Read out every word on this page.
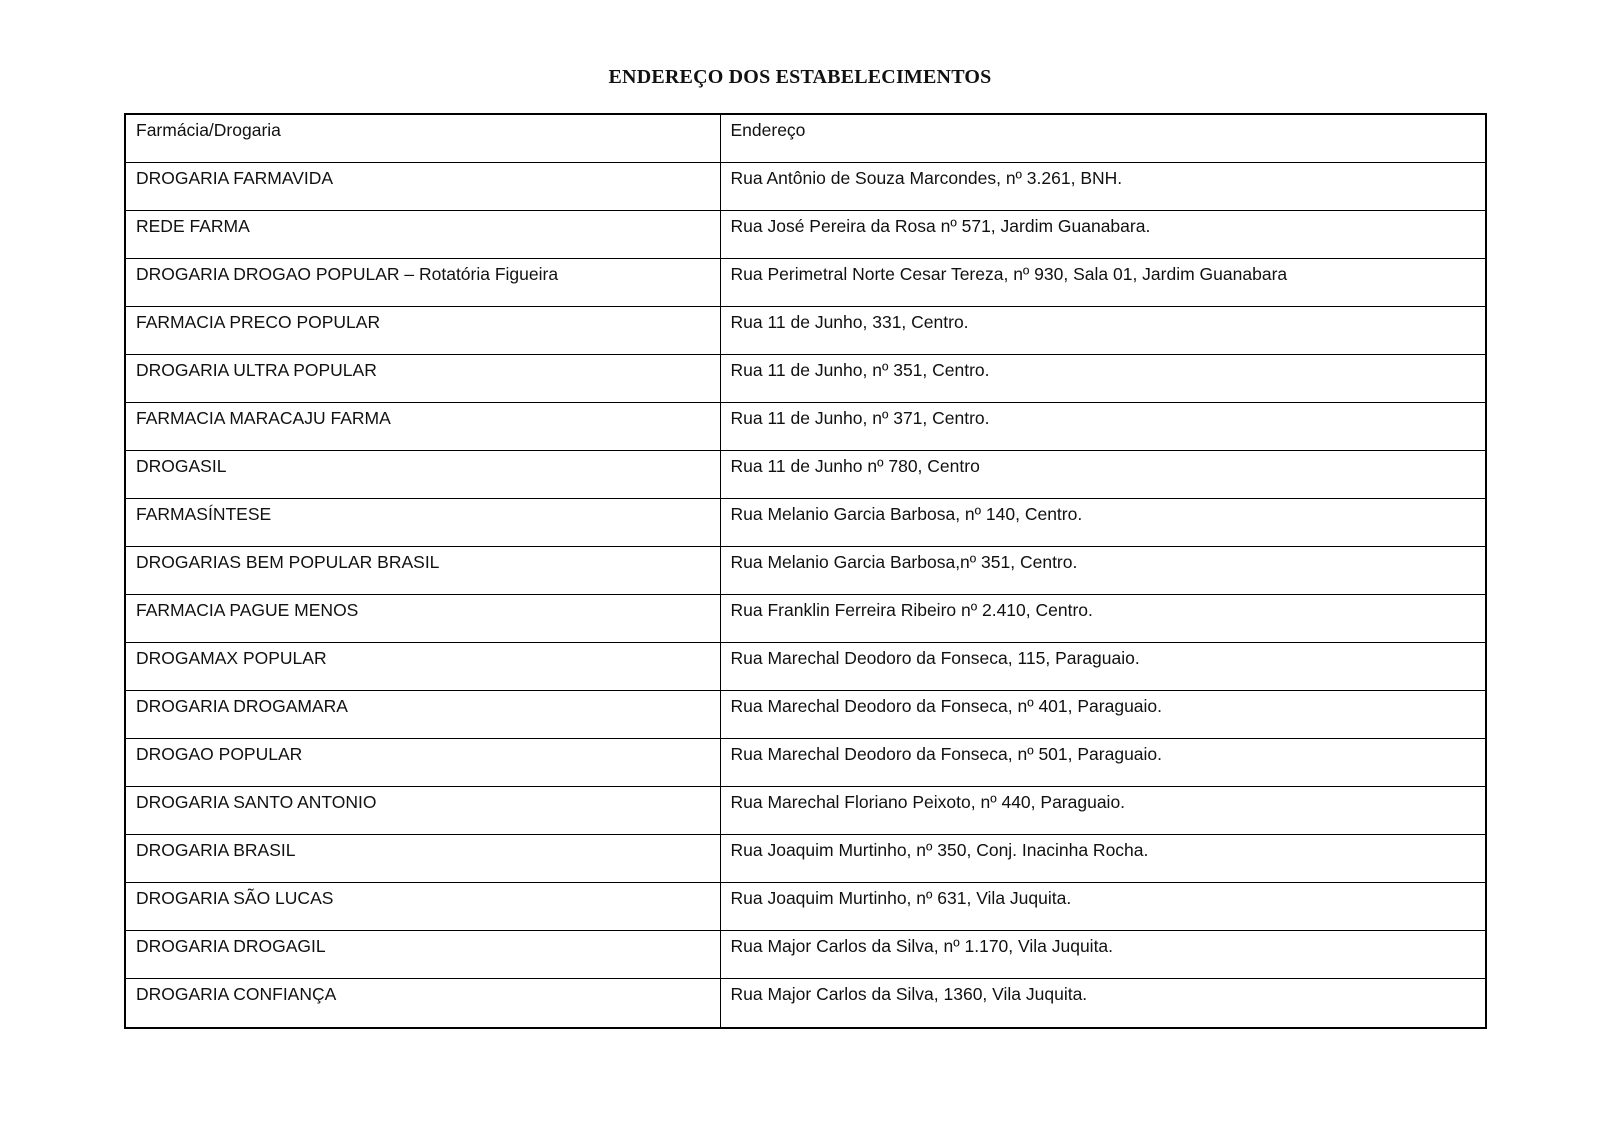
ENDEREÇO DOS ESTABELECIMENTOS
Farmácia/Drogaria	Endereço
DROGARIA FARMAVIDA	Rua Antônio de Souza Marcondes, nº 3.261, BNH.
REDE FARMA	Rua José Pereira da Rosa nº 571, Jardim Guanabara.
DROGARIA DROGAO POPULAR – Rotatória Figueira	Rua Perimetral Norte Cesar Tereza, nº 930, Sala 01, Jardim Guanabara
FARMACIA PRECO POPULAR	Rua 11 de Junho, 331, Centro.
DROGARIA ULTRA POPULAR	Rua 11 de Junho, nº 351, Centro.
FARMACIA MARACAJU FARMA	Rua 11 de Junho, nº 371, Centro.
DROGASIL	Rua 11 de Junho nº 780, Centro
FARMASÍNTESE	Rua Melanio Garcia Barbosa, nº 140, Centro.
DROGARIAS BEM POPULAR BRASIL	Rua Melanio Garcia Barbosa,nº 351, Centro.
FARMACIA PAGUE MENOS	Rua Franklin Ferreira Ribeiro nº 2.410, Centro.
DROGAMAX POPULAR	Rua Marechal Deodoro da Fonseca, 115, Paraguaio.
DROGARIA DROGAMARA	Rua Marechal Deodoro da Fonseca, nº 401, Paraguaio.
DROGAO POPULAR	Rua Marechal Deodoro da Fonseca, nº 501, Paraguaio.
DROGARIA SANTO ANTONIO	Rua Marechal Floriano Peixoto, nº 440, Paraguaio.
DROGARIA BRASIL	Rua Joaquim Murtinho, nº 350, Conj. Inacinha Rocha.
DROGARIA SÃO LUCAS	Rua Joaquim Murtinho, nº 631, Vila Juquita.
DROGARIA DROGAGIL	Rua Major Carlos da Silva, nº 1.170, Vila Juquita.
DROGARIA CONFIANÇA	Rua Major Carlos da Silva, 1360, Vila Juquita.
